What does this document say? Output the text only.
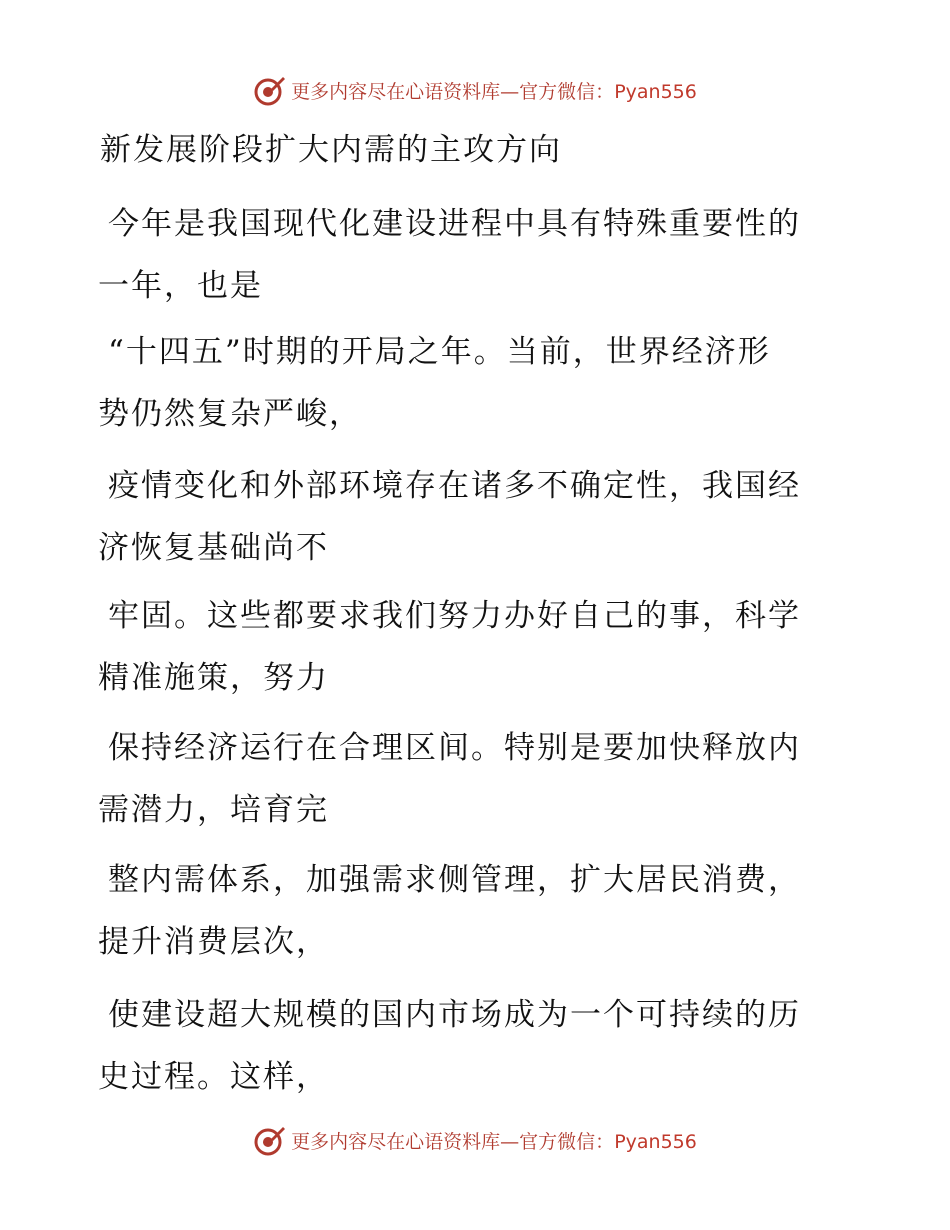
更多内容尽在心语资料库—官方微信：Pyan556
新发展阶段扩大内需的主攻方向
今年是我国现代化建设进程中具有特殊重要性的
一年，也是
“十四五”时期的开局之年。当前，世界经济形
势仍然复杂严峻，
疫情变化和外部环境存在诸多不确定性，我国经
济恢复基础尚不
牢固。这些都要求我们努力办好自己的事，科学
精准施策，努力
保持经济运行在合理区间。特别是要加快释放内
需潜力，培育完
整内需体系，加强需求侧管理，扩大居民消费，
提升消费层次，
使建设超大规模的国内市场成为一个可持续的历
史过程。这样，
更多内容尽在心语资料库—官方微信：Pyan556
